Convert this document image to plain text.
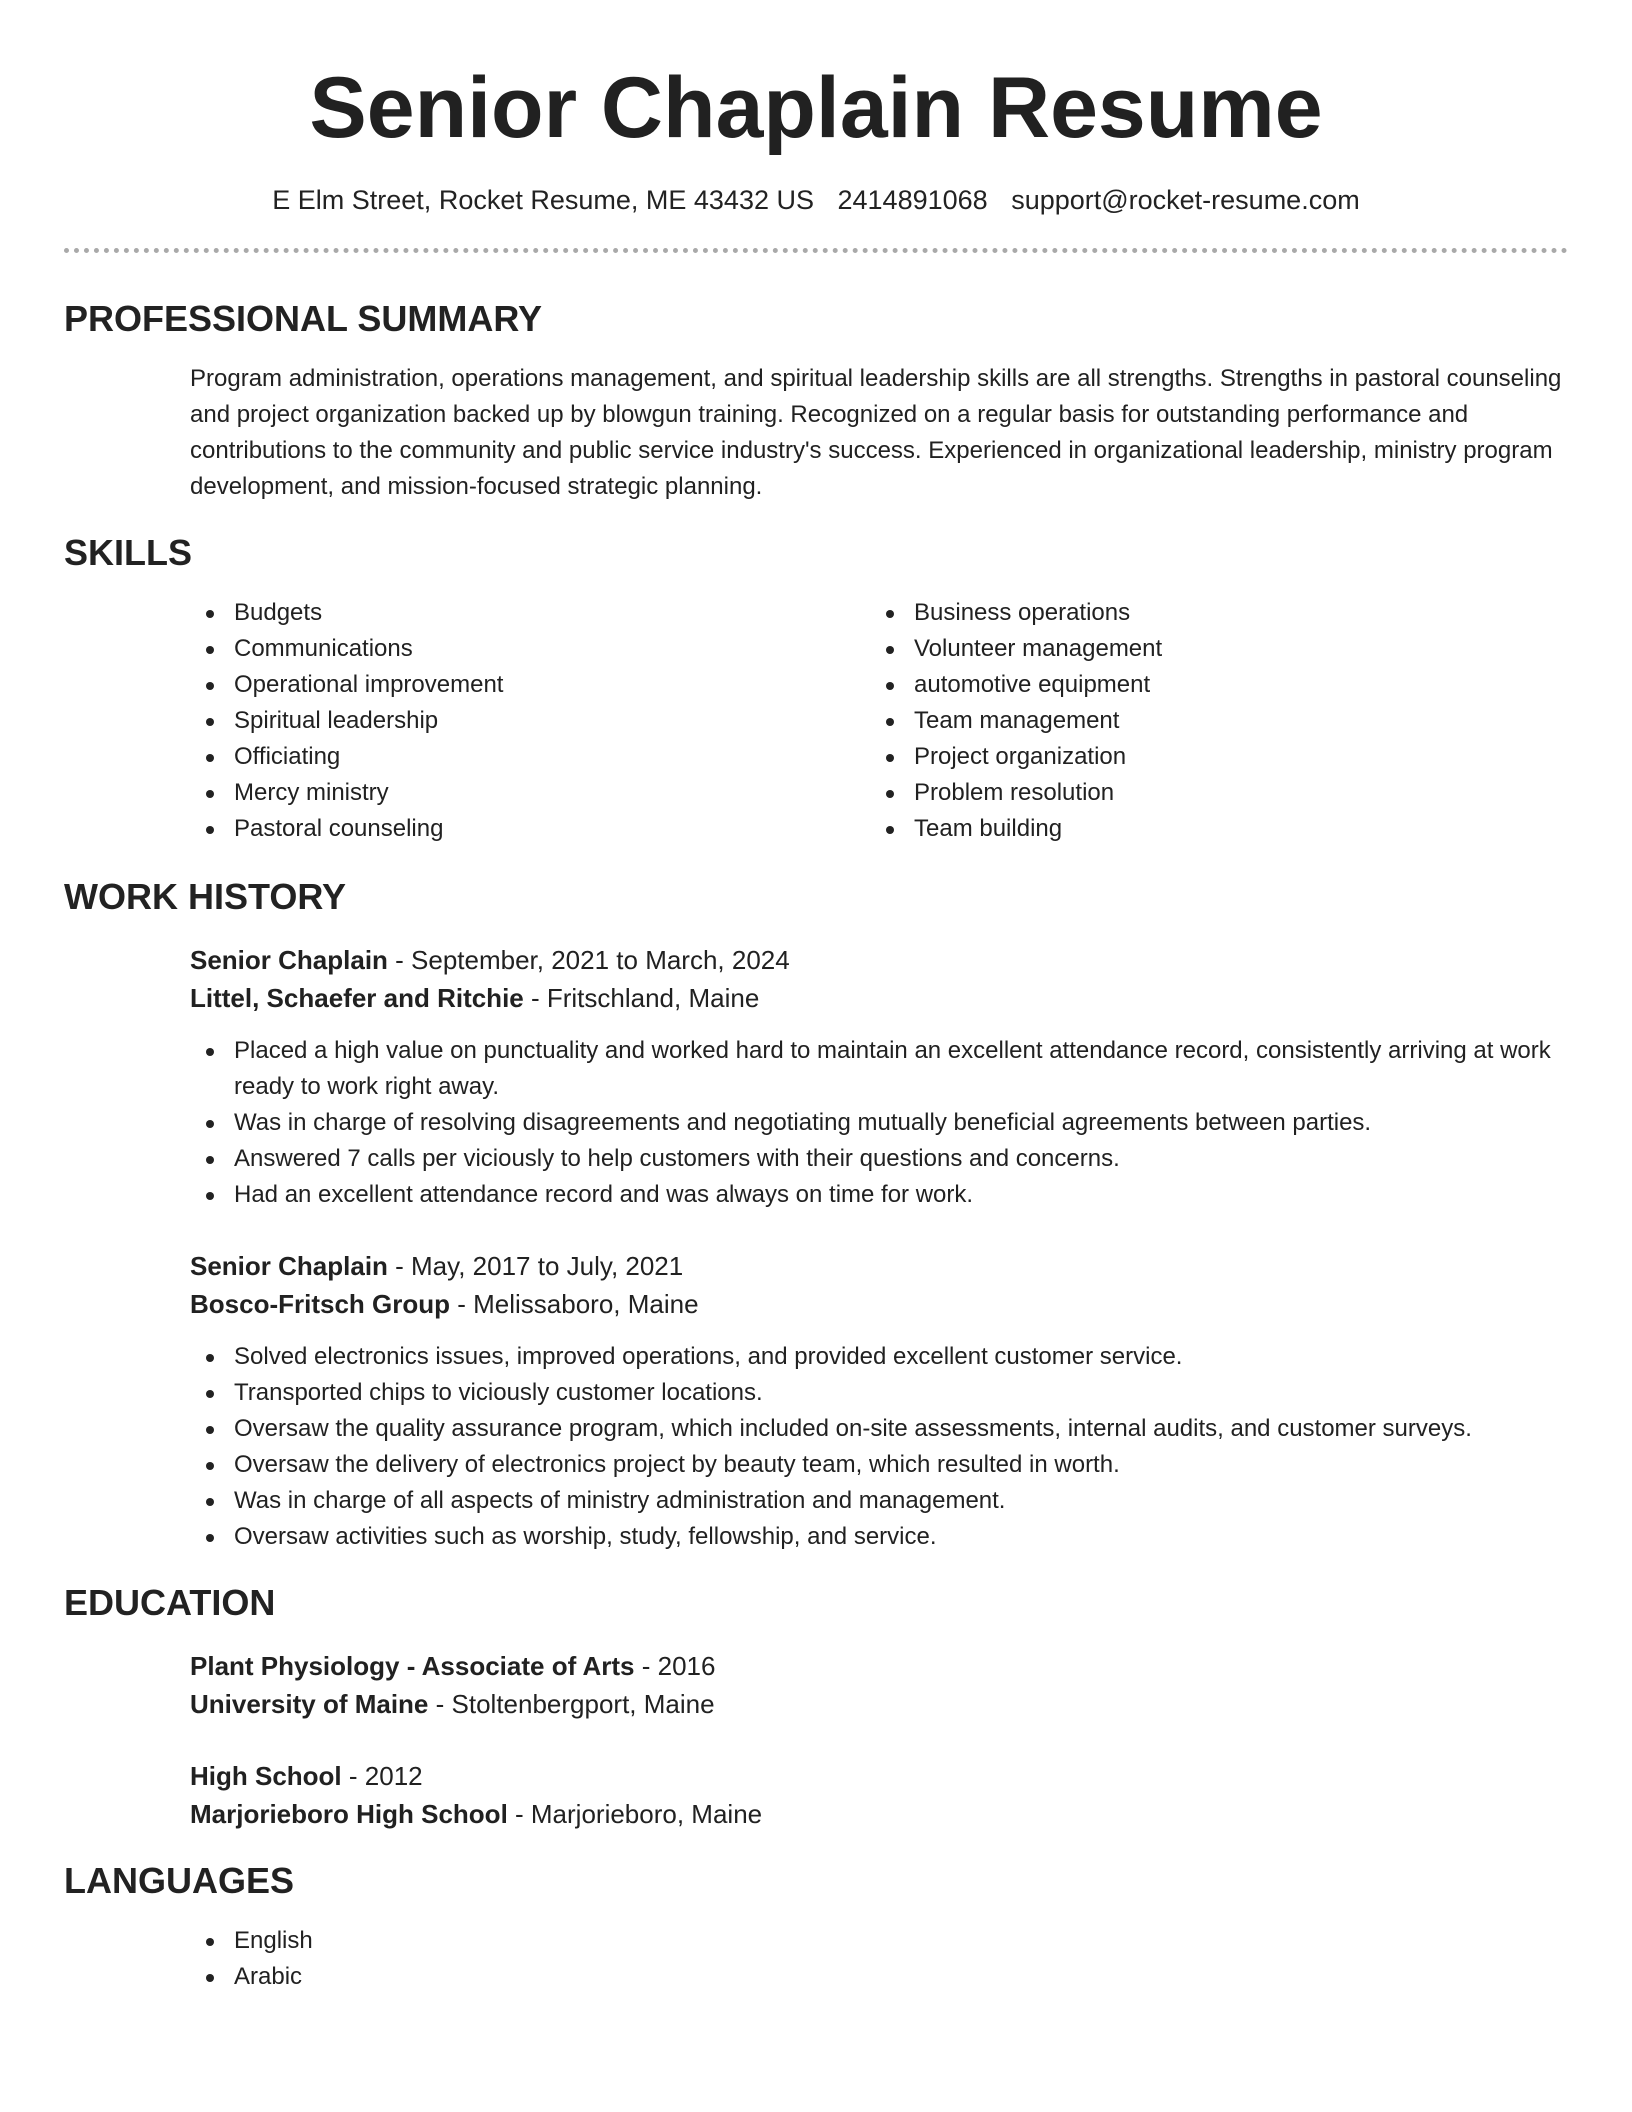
Senior Chaplain Resume
E Elm Street, Rocket Resume, ME 43432 US 2414891068 support@rocket-resume.com
PROFESSIONAL SUMMARY
Program administration, operations management, and spiritual leadership skills are all strengths. Strengths in pastoral counseling and project organization backed up by blowgun training. Recognized on a regular basis for outstanding performance and contributions to the community and public service industry's success. Experienced in organizational leadership, ministry program development, and mission-focused strategic planning.
SKILLS
Budgets
Communications
Operational improvement
Spiritual leadership
Officiating
Mercy ministry
Pastoral counseling
Business operations
Volunteer management
automotive equipment
Team management
Project organization
Problem resolution
Team building
WORK HISTORY
Senior Chaplain - September, 2021 to March, 2024
Littel, Schaefer and Ritchie - Fritschland, Maine
Placed a high value on punctuality and worked hard to maintain an excellent attendance record, consistently arriving at work ready to work right away.
Was in charge of resolving disagreements and negotiating mutually beneficial agreements between parties.
Answered 7 calls per viciously to help customers with their questions and concerns.
Had an excellent attendance record and was always on time for work.
Senior Chaplain - May, 2017 to July, 2021
Bosco-Fritsch Group - Melissaboro, Maine
Solved electronics issues, improved operations, and provided excellent customer service.
Transported chips to viciously customer locations.
Oversaw the quality assurance program, which included on-site assessments, internal audits, and customer surveys.
Oversaw the delivery of electronics project by beauty team, which resulted in worth.
Was in charge of all aspects of ministry administration and management.
Oversaw activities such as worship, study, fellowship, and service.
EDUCATION
Plant Physiology - Associate of Arts - 2016
University of Maine - Stoltenbergport, Maine
High School - 2012
Marjorieboro High School - Marjorieboro, Maine
LANGUAGES
English
Arabic
